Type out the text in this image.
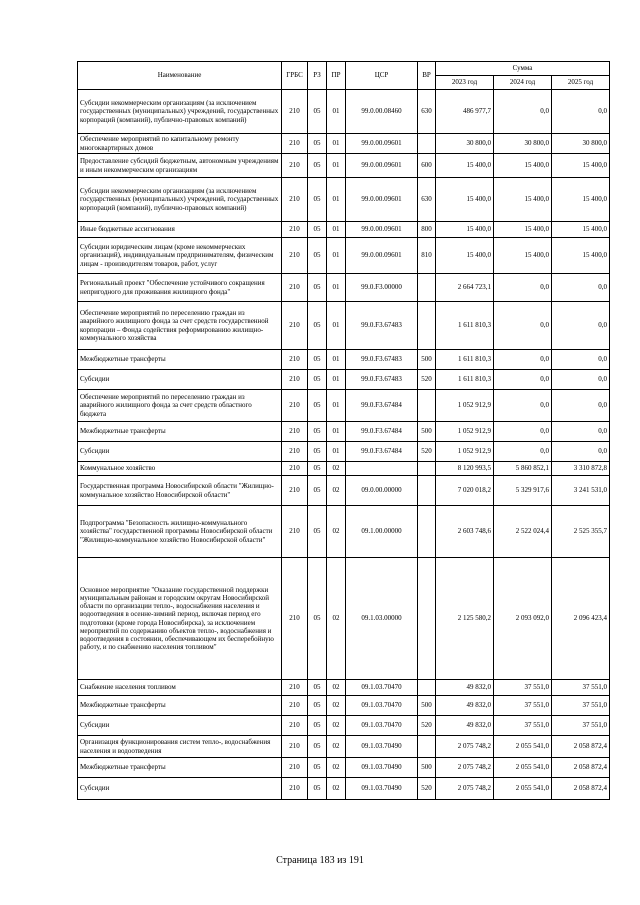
Наименование	ГРБС	РЗ	ПР	ЦСР	ВР	Сумма		
						2023 год	2024 год	2025 год
Субсидии некоммерческим организациям (за исключением государственных (муниципальных) учреждений, государственных корпораций (компаний), публично-правовых компаний)	210	05	01	99.0.00.08460	630	486 977,7	0,0	0,0
Обеспечение мероприятий по капитальному ремонту многоквартирных домов	210	05	01	99.0.00.09601		30 800,0	30 800,0	30 800,0
Предоставление субсидий бюджетным, автономным учреждениям и иным некоммерческим организациям	210	05	01	99.0.00.09601	600	15 400,0	15 400,0	15 400,0
Субсидии некоммерческим организациям (за исключением государственных (муниципальных) учреждений, государственных корпораций (компаний), публично-правовых компаний)	210	05	01	99.0.00.09601	630	15 400,0	15 400,0	15 400,0
Иные бюджетные ассигнования	210	05	01	99.0.00.09601	800	15 400,0	15 400,0	15 400,0
Субсидии юридическим лицам (кроме некоммерческих организаций), индивидуальным предпринимателям, физическим лицам - производителям товаров, работ, услуг	210	05	01	99.0.00.09601	810	15 400,0	15 400,0	15 400,0
Региональный проект "Обеспечение устойчивого сокращения непригодного для проживания жилищного фонда"	210	05	01	99.0.F3.00000		2 664 723,1	0,0	0,0
Обеспечение мероприятий по переселению граждан из аварийного жилищного фонда за счет средств государственной корпорации – Фонда содействия реформированию жилищно-коммунального хозяйства	210	05	01	99.0.F3.67483		1 611 810,3	0,0	0,0
Межбюджетные трансферты	210	05	01	99.0.F3.67483	500	1 611 810,3	0,0	0,0
Субсидии	210	05	01	99.0.F3.67483	520	1 611 810,3	0,0	0,0
Обеспечение мероприятий по переселению граждан из аварийного жилищного фонда за счет средств областного бюджета	210	05	01	99.0.F3.67484		1 052 912,9	0,0	0,0
Межбюджетные трансферты	210	05	01	99.0.F3.67484	500	1 052 912,9	0,0	0,0
Субсидии	210	05	01	99.0.F3.67484	520	1 052 912,9	0,0	0,0
Коммунальное хозяйство	210	05	02			8 120 993,5	5 860 852,1	3 310 872,8
Государственная программа Новосибирской области "Жилищно-коммунальное хозяйство Новосибирской области"	210	05	02	09.0.00.00000		7 020 018,2	5 329 917,6	3 241 531,0
Подпрограмма "Безопасность жилищно-коммунального хозяйства" государственной программы Новосибирской области "Жилищно-коммунальное хозяйство Новосибирской области"	210	05	02	09.1.00.00000		2 603 748,6	2 522 024,4	2 525 355,7
Основное мероприятие "Оказание государственной поддержки муниципальным районам и городским округам Новосибирской области по организации тепло-, водоснабжения населения и водоотведения в осенне-зимний период, включая период его подготовки (кроме города Новосибирска), за исключением мероприятий по содержанию объектов тепло-, водоснабжения и водоотведения в состоянии, обеспечивающем их бесперебойную работу, и по снабжению населения топливом"	210	05	02	09.1.03.00000		2 125 580,2	2 093 092,0	2 096 423,4
Снабжение населения топливом	210	05	02	09.1.03.70470		49 832,0	37 551,0	37 551,0
Межбюджетные трансферты	210	05	02	09.1.03.70470	500	49 832,0	37 551,0	37 551,0
Субсидии	210	05	02	09.1.03.70470	520	49 832,0	37 551,0	37 551,0
Организация функционирования систем тепло-, водоснабжения населения и водоотведения	210	05	02	09.1.03.70490		2 075 748,2	2 055 541,0	2 058 872,4
Межбюджетные трансферты	210	05	02	09.1.03.70490	500	2 075 748,2	2 055 541,0	2 058 872,4
Субсидии	210	05	02	09.1.03.70490	520	2 075 748,2	2 055 541,0	2 058 872,4
Страница 183 из 191
